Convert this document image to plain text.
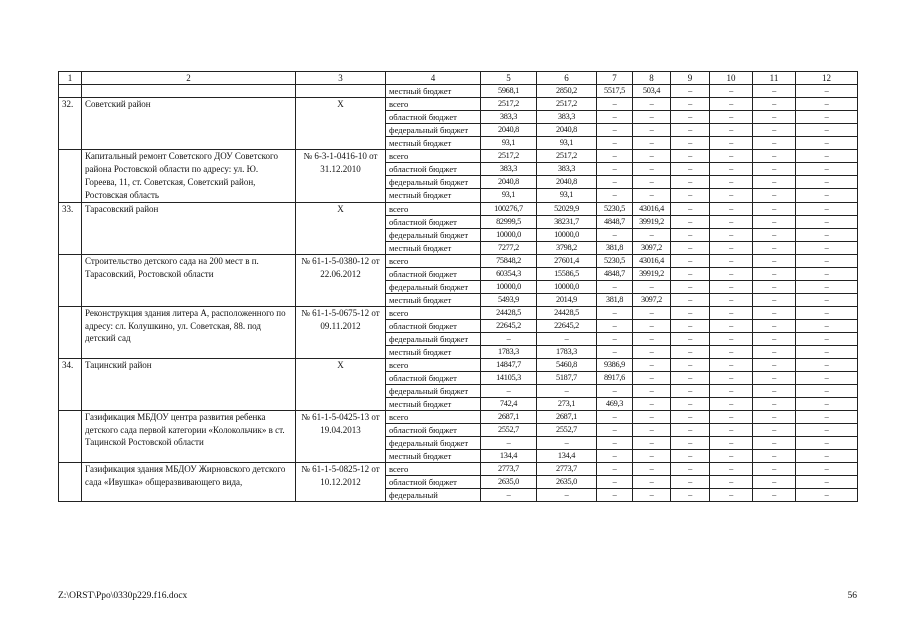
1	2	3	4	5	6	7	8	9	10	11	12
			местный бюджет	5968,1	2850,2	5517,5	503,4	–	–	–	–
32.	Советский район	Х	всего	2517,2	2517,2	–	–	–	–	–	–
			областной бюджет	383,3	383,3	–	–	–	–	–	–
			федеральный бюджет	2040,8	2040,8	–	–	–	–	–	–
			местный бюджет	93,1	93,1	–	–	–	–	–	–
	Капитальный ремонт Советского ДОУ Советского района Ростовской области по адресу: ул. Ю. Гореева, 11, ст. Советская, Советский район, Ростовская область	№ 6-3-1-0416-10 от 31.12.2010	всего	2517,2	2517,2	–	–	–	–	–	–
			областной бюджет	383,3	383,3	–	–	–	–	–	–
			федеральный бюджет	2040,8	2040,8	–	–	–	–	–	–
			местный бюджет	93,1	93,1	–	–	–	–	–	–
33.	Тарасовский район	Х	всего	100276,7	52029,9	5230,5	43016,4	–	–	–	–
			областной бюджет	82999,5	38231,7	4848,7	39919,2	–	–	–	–
			федеральный бюджет	10000,0	10000,0	–	–	–	–	–	–
			местный бюджет	7277,2	3798,2	381,8	3097,2	–	–	–	–
	Строительство детского сада на 200 мест в п. Тарасовский, Ростовской области	№ 61-1-5-0380-12 от 22.06.2012	всего	75848,2	27601,4	5230,5	43016,4	–	–	–	–
			областной бюджет	60354,3	15586,5	4848,7	39919,2	–	–	–	–
			федеральный бюджет	10000,0	10000,0	–	–	–	–	–	–
			местный бюджет	5493,9	2014,9	381,8	3097,2	–	–	–	–
	Реконструкция здания литера А, расположенного по адресу: сл. Колушкино, ул. Советская, 88. под детский сад	№ 61-1-5-0675-12 от 09.11.2012	всего	24428,5	24428,5	–	–	–	–	–	–
			областной бюджет	22645,2	22645,2	–	–	–	–	–	–
			федеральный бюджет	–	–	–	–	–	–	–	–
			местный бюджет	1783,3	1783,3	–	–	–	–	–	–
34.	Тацинский район	Х	всего	14847,7	5460,8	9386,9	–	–	–	–	–
			областной бюджет	14105,3	5187,7	8917,6	–	–	–	–	–
			федеральный бюджет	–	–	–	–	–	–	–	–
			местный бюджет	742,4	273,1	469,3	–	–	–	–	–
	Газификация МБДОУ центра развития ребенка детского сада первой категории «Колокольчик» в ст. Тацинской Ростовской области	№ 61-1-5-0425-13 от 19.04.2013	всего	2687,1	2687,1	–	–	–	–	–	–
			областной бюджет	2552,7	2552,7	–	–	–	–	–	–
			федеральный бюджет	–	–	–	–	–	–	–	–
			местный бюджет	134,4	134,4	–	–	–	–	–	–
	Газификация здания МБДОУ Жирновского детского сада «Ивушка» общеразвивающего вида,	№ 61-1-5-0825-12 от 10.12.2012	всего	2773,7	2773,7	–	–	–	–	–	–
			областной бюджет	2635,0	2635,0	–	–	–	–	–	–
			федеральный	–	–	–	–	–	–	–	–
Z:\ORST\Ppo\0330p229.f16.docx	56
